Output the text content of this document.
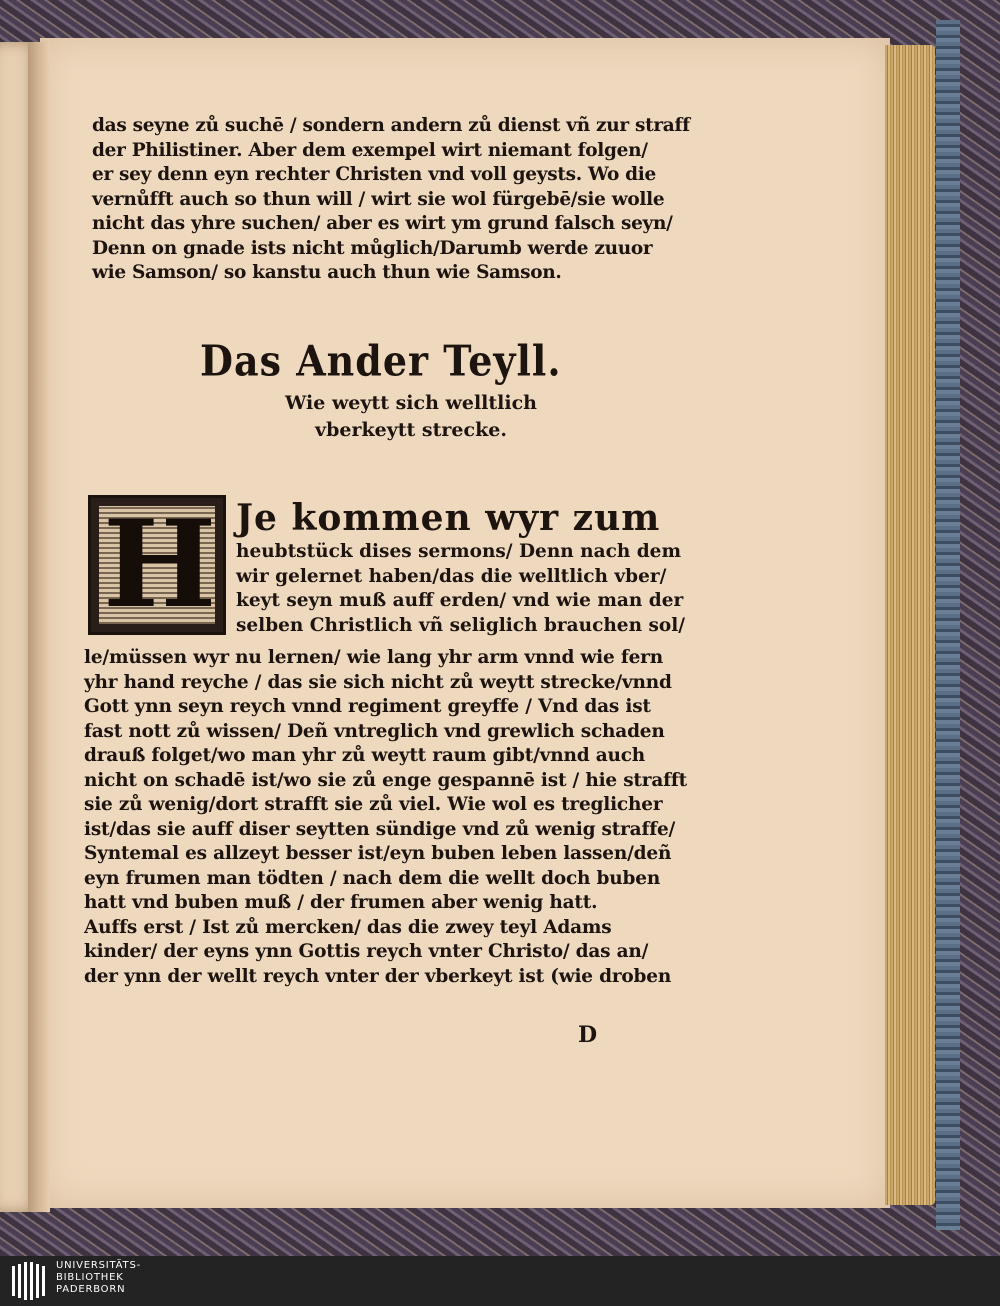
das seyne zů suchē / sondern andern zů dienst vñ zur straff
der Philistiner. Aber dem exempel wirt niemant folgen/
er sey denn eyn rechter Christen vnd voll geysts. Wo die
vernůfft auch so thun will / wirt sie wol fürgebē/sie wolle
nicht das yhre suchen/ aber es wirt ym grund falsch seyn/
Denn on gnade ists nicht můglich/Darumb werde zuuor
wie Samson/ so kanstu auch thun wie Samson.
Das Ander Teyll.
Wie weytt sich welltlich
vberkeytt strecke.
H Je kommen wyr zum
heubtstück dises sermons/ Denn nach dem
wir gelernet haben/das die welltlich vber/
keyt seyn muß auff erden/ vnd wie man der
selben Christlich vñ seliglich brauchen sol/
le/müssen wyr nu lernen/ wie lang yhr arm vnnd wie fern
yhr hand reyche / das sie sich nicht zů weytt strecke/vnnd
Gott ynn seyn reych vnnd regiment greyffe / Vnd das ist
fast nott zů wissen/ Deñ vntreglich vnd grewlich schaden
drauß folget/wo man yhr zů weytt raum gibt/vnnd auch
nicht on schadē ist/wo sie zů enge gespannē ist / hie strafft
sie zů wenig/dort strafft sie zů viel. Wie wol es treglicher
ist/das sie auff diser seytten sündige vnd zů wenig straffe/
Syntemal es allzeyt besser ist/eyn buben leben lassen/deñ
eyn frumen man tödten / nach dem die wellt doch buben
hatt vnd buben muß / der frumen aber wenig hatt.
Auffs erst / Ist zů mercken/ das die zwey teyl Adams
kinder/ der eyns ynn Gottis reych vnter Christo/ das an/
der ynn der wellt reych vnter der vberkeyt ist (wie droben
D
UNIVERSITÄTS-
BIBLIOTHEK
PADERBORN
